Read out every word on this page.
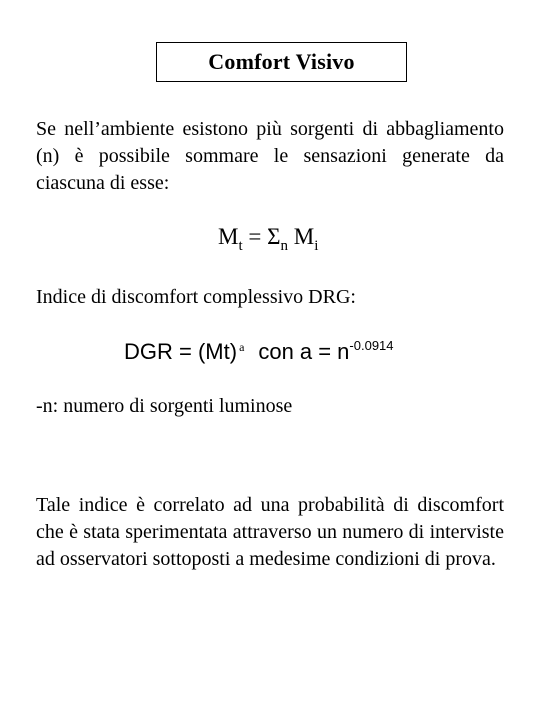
Comfort Visivo
Se nell’ambiente esistono più sorgenti di abbagliamento (n) è possibile sommare le sensazioni generate da ciascuna di esse:
$M_t = \Sigma_n$ $M_i$
Indice di discomfort complessivo DRG:
DGR = (Mt) $^a$ con $a = n^{-0.0914}$
-n: numero di sorgenti luminose
Tale indice è correlato ad una probabilità di discomfort che è stata sperimentata attraverso un numero di interviste ad osservatori sottoposti a medesime condizioni di prova.
